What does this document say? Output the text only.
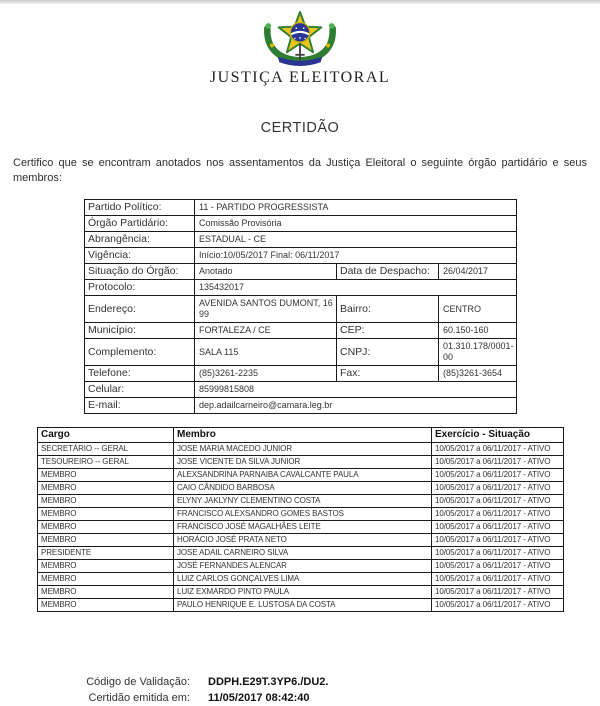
JUSTIÇA ELEITORAL
CERTIDÃO

Certifico que se encontram anotados nos assentamentos da Justiça Eleitoral o seguinte órgão partidário e seus membros:

Partido Político:	11 - PARTIDO PROGRESSISTA		
Órgão Partidário:	Comissão Provisória		
Abrangência:	ESTADUAL - CE		
Vigência:	Início:10/05/2017 Final: 06/11/2017		
Situação do Órgão:	Anotado	Data de Despacho:	26/04/2017
Protocolo:	135432017		
Endereço:	AVENIDA SANTOS DUMONT, 1699	Bairro:	CENTRO
Município:	FORTALEZA / CE	CEP:	60.150-160
Complemento:	SALA 115	CNPJ:	01.310.178/0001-00
Telefone:	(85)3261-2235	Fax:	(85)3261-3654
Celular:	85999815808		
E-mail:	dep.adailcarneiro@camara.leg.br		
Cargo	Membro	Exercício - Situação
SECRETÁRIO -- GERAL	JOSE MARIA MACEDO JUNIOR	10/05/2017 a 06/11/2017 - ATIVO
TESOUREIRO -- GERAL	JOSE VICENTE DA SILVA JUNIOR	10/05/2017 a 06/11/2017 - ATIVO
MEMBRO	ALEXSANDRINA PARNAIBA CAVALCANTE PAULA	10/05/2017 a 06/11/2017 - ATIVO
MEMBRO	CAIO CÂNDIDO BARBOSA	10/05/2017 a 06/11/2017 - ATIVO
MEMBRO	ELYNY JAKLYNY CLEMENTINO COSTA	10/05/2017 a 06/11/2017 - ATIVO
MEMBRO	FRANCISCO ALEXSANDRO GOMES BASTOS	10/05/2017 a 06/11/2017 - ATIVO
MEMBRO	FRANCISCO JOSÉ MAGALHÃES LEITE	10/05/2017 a 06/11/2017 - ATIVO
MEMBRO	HORÁCIO JOSÉ PRATA NETO	10/05/2017 a 06/11/2017 - ATIVO
PRESIDENTE	JOSE ADAIL CARNEIRO SILVA	10/05/2017 a 06/11/2017 - ATIVO
MEMBRO	JOSÉ FERNANDES ALENCAR	10/05/2017 a 06/11/2017 - ATIVO
MEMBRO	LUIZ CARLOS GONÇALVES LIMA	10/05/2017 a 06/11/2017 - ATIVO
MEMBRO	LUIZ EXMARDO PINTO PAULA	10/05/2017 a 06/11/2017 - ATIVO
MEMBRO	PAULO HENRIQUE E. LUSTOSA DA COSTA	10/05/2017 a 06/11/2017 - ATIVO
Código de Validação: DDPH.E29T.3YP6./DU2.
Certidão emitida em: 11/05/2017 08:42:40
